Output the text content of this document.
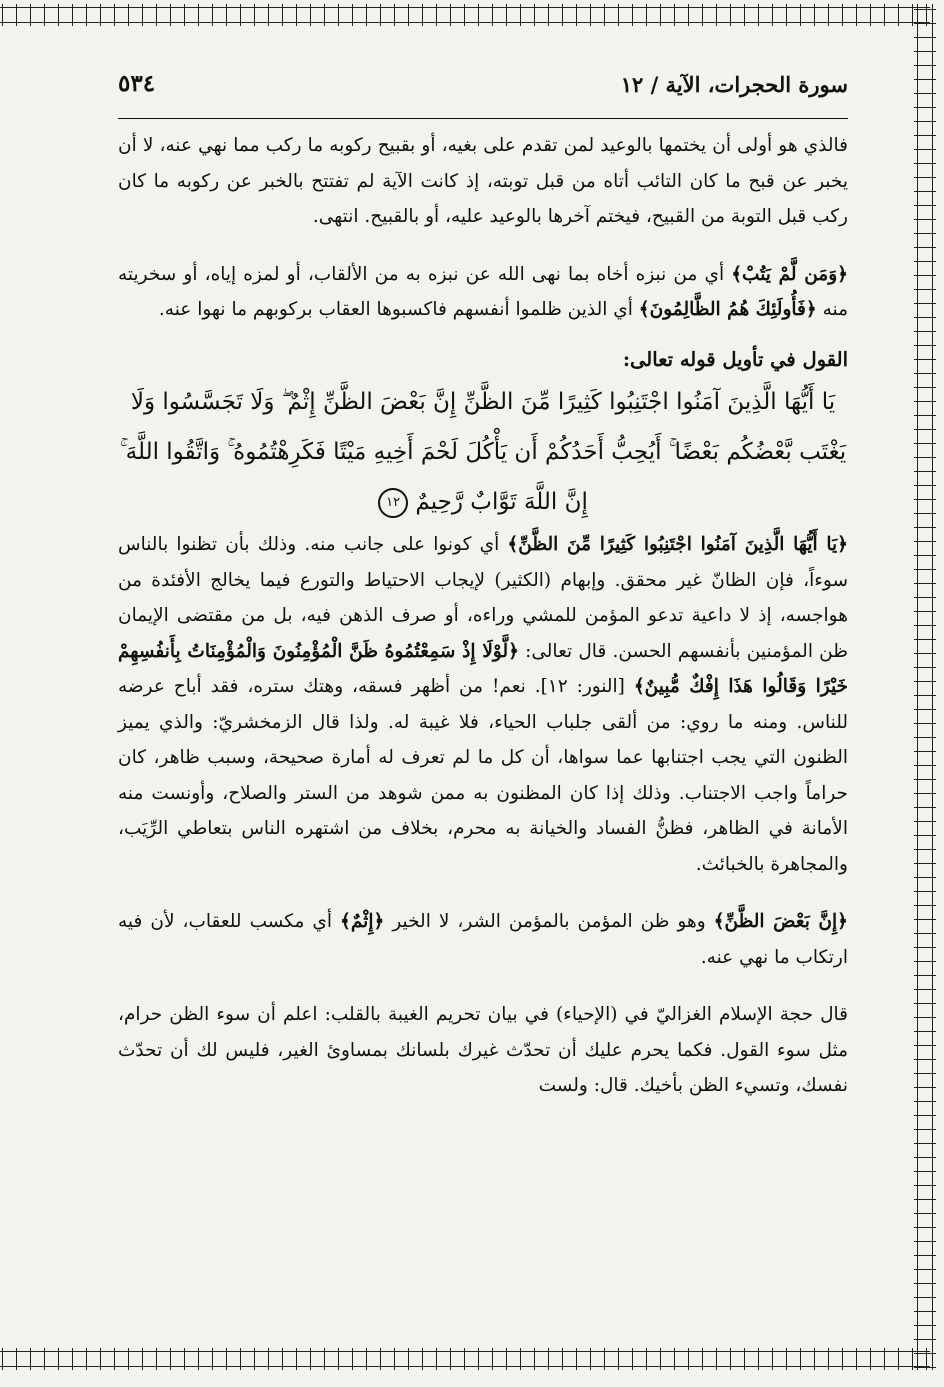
سورة الحجرات، الآية / ١٢
٥٣٤

فالذي هو أولى أن يختمها بالوعيد لمن تقدم على بغيه، أو بقبيح ركوبه ما ركب مما نهي عنه، لا أن يخبر عن قبح ما كان التائب أتاه من قبل توبته، إذ كانت الآية لم تفتتح بالخبر عن ركوبه ما كان ركب قبل التوبة من القبيح، فيختم آخرها بالوعيد عليه، أو بالقبيح. انتهى.

﴿وَمَن لَّمْ يَتُبْ﴾ أي من نبزه أخاه بما نهى الله عن نبزه به من الألقاب، أو لمزه إياه، أو سخريته منه ﴿فَأُولَئِكَ هُمُ الظَّالِمُونَ﴾ أي الذين ظلموا أنفسهم فاكسبوها العقاب بركوبهم ما نهوا عنه.

القول في تأويل قوله تعالى:

يَا أَيُّهَا الَّذِينَ آمَنُوا اجْتَنِبُوا كَثِيرًا مِّنَ الظَّنِّ إِنَّ بَعْضَ الظَّنِّ إِثْمٌ ۖ وَلَا تَجَسَّسُوا وَلَا يَغْتَب بَّعْضُكُم بَعْضًا ۚ أَيُحِبُّ أَحَدُكُمْ أَن يَأْكُلَ لَحْمَ أَخِيهِ مَيْتًا فَكَرِهْتُمُوهُ ۚ وَاتَّقُوا اللَّهَ ۚ إِنَّ اللَّهَ تَوَّابٌ رَّحِيمٌ ١٢

﴿يَا أَيُّهَا الَّذِينَ آمَنُوا اجْتَنِبُوا كَثِيرًا مِّنَ الظَّنِّ﴾ أي كونوا على جانب منه. وذلك بأن تظنوا بالناس سوءاً، فإن الظانّ غير محقق. وإبهام (الكثير) لإيجاب الاحتياط والتورع فيما يخالج الأفئدة من هواجسه، إذ لا داعية تدعو المؤمن للمشي وراءه، أو صرف الذهن فيه، بل من مقتضى الإيمان ظن المؤمنين بأنفسهم الحسن. قال تعالى: ﴿لَّوْلَا إِذْ سَمِعْتُمُوهُ ظَنَّ الْمُؤْمِنُونَ وَالْمُؤْمِنَاتُ بِأَنفُسِهِمْ خَيْرًا وَقَالُوا هَذَا إِفْكٌ مُّبِينٌ﴾ [النور: ١٢]. نعم! من أظهر فسقه، وهتك ستره، فقد أباح عرضه للناس. ومنه ما روي: من ألقى جلباب الحياء، فلا غيبة له. ولذا قال الزمخشريّ: والذي يميز الظنون التي يجب اجتنابها عما سواها، أن كل ما لم تعرف له أمارة صحيحة، وسبب ظاهر، كان حراماً واجب الاجتناب. وذلك إذا كان المظنون به ممن شوهد من الستر والصلاح، وأونست منه الأمانة في الظاهر، فظنُّ الفساد والخيانة به محرم، بخلاف من اشتهره الناس بتعاطي الرِّيَب، والمجاهرة بالخبائث.

﴿إِنَّ بَعْضَ الظَّنِّ﴾ وهو ظن المؤمن بالمؤمن الشر، لا الخير ﴿إِثْمٌ﴾ أي مكسب للعقاب، لأن فيه ارتكاب ما نهي عنه.

قال حجة الإسلام الغزاليّ في (الإحياء) في بيان تحريم الغيبة بالقلب: اعلم أن سوء الظن حرام، مثل سوء القول. فكما يحرم عليك أن تحدّث غيرك بلسانك بمساوئ الغير، فليس لك أن تحدّث نفسك، وتسيء الظن بأخيك. قال: ولست
